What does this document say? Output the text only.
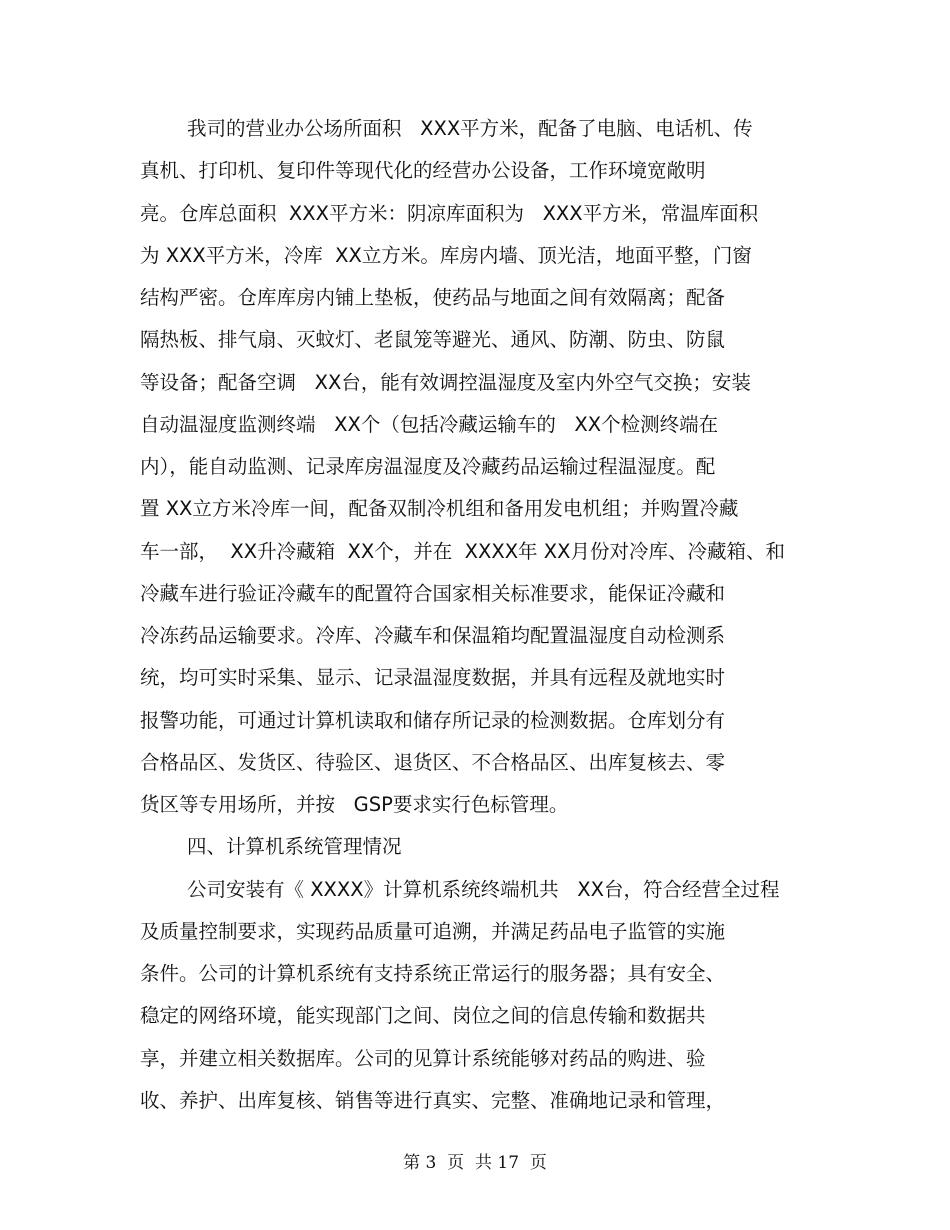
我司的营业办公场所面积   XXX平方米，配备了电脑、电话机、传
真机、打印机、复印件等现代化的经营办公设备，工作环境宽敞明
亮。仓库总面积  XXX平方米：阴凉库面积为   XXX平方米，常温库面积
为 XXX平方米，冷库  XX立方米。库房内墙、顶光洁，地面平整，门窗
结构严密。仓库库房内铺上垫板，使药品与地面之间有效隔离；配备
隔热板、排气扇、灭蚊灯、老鼠笼等避光、通风、防潮、防虫、防鼠
等设备；配备空调   XX台，能有效调控温湿度及室内外空气交换；安装
自动温湿度监测终端   XX个（包括冷藏运输车的   XX个检测终端在
内），能自动监测、记录库房温湿度及冷藏药品运输过程温湿度。配
置 XX立方米冷库一间，配备双制冷机组和备用发电机组；并购置冷藏
车一部，  XX升冷藏箱  XX个，并在  XXXX年 XX月份对冷库、冷藏箱、和
冷藏车进行验证冷藏车的配置符合国家相关标准要求，能保证冷藏和
冷冻药品运输要求。冷库、冷藏车和保温箱均配置温湿度自动检测系
统，均可实时采集、显示、记录温湿度数据，并具有远程及就地实时
报警功能，可通过计算机读取和储存所记录的检测数据。仓库划分有
合格品区、发货区、待验区、退货区、不合格品区、出库复核去、零
货区等专用场所，并按   GSP要求实行色标管理。
四、计算机系统管理情况
公司安装有《 XXXX》计算机系统终端机共   XX台，符合经营全过程
及质量控制要求，实现药品质量可追溯，并满足药品电子监管的实施
条件。公司的计算机系统有支持系统正常运行的服务器；具有安全、
稳定的网络环境，能实现部门之间、岗位之间的信息传输和数据共
享，并建立相关数据库。公司的见算计系统能够对药品的购进、验
收、养护、出库复核、销售等进行真实、完整、准确地记录和管理，
第 3  页  共 17  页
